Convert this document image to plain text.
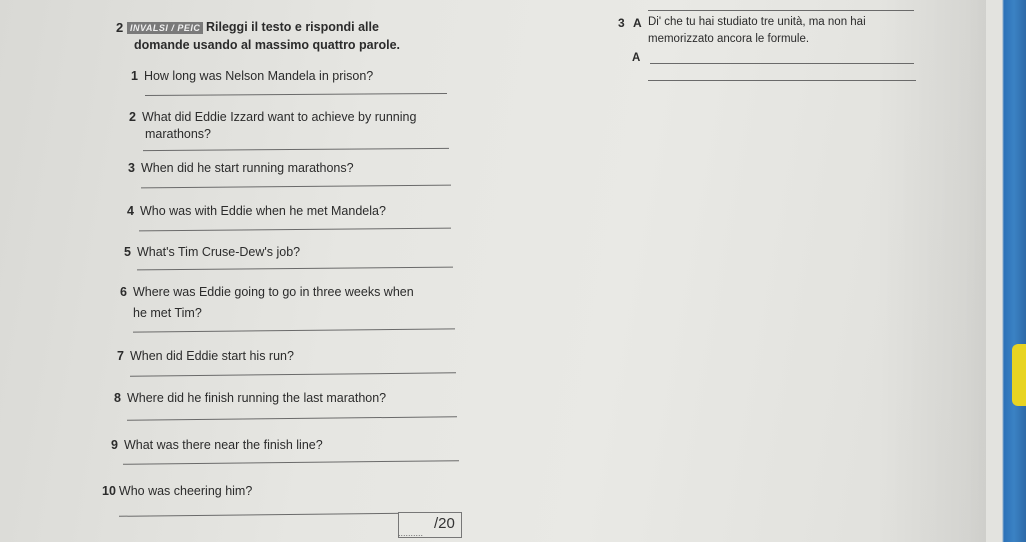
2 INVALSI / PEIC Rileggi il testo e rispondi alle
domande usando al massimo quattro parole.
3 A Di' che tu hai studiato tre unità, ma non hai
memorizzato ancora le formule.
A
1 How long was Nelson Mandela in prison?
2 What did Eddie Izzard want to achieve by running
marathons?
3 When did he start running marathons?
4 Who was with Eddie when he met Mandela?
5 What's Tim Cruse-Dew's job?
6 Where was Eddie going to go in three weeks when
he met Tim?
7 When did Eddie start his run?
8 Where did he finish running the last marathon?
9 What was there near the finish line?
10 Who was cheering him?
..........
/20
